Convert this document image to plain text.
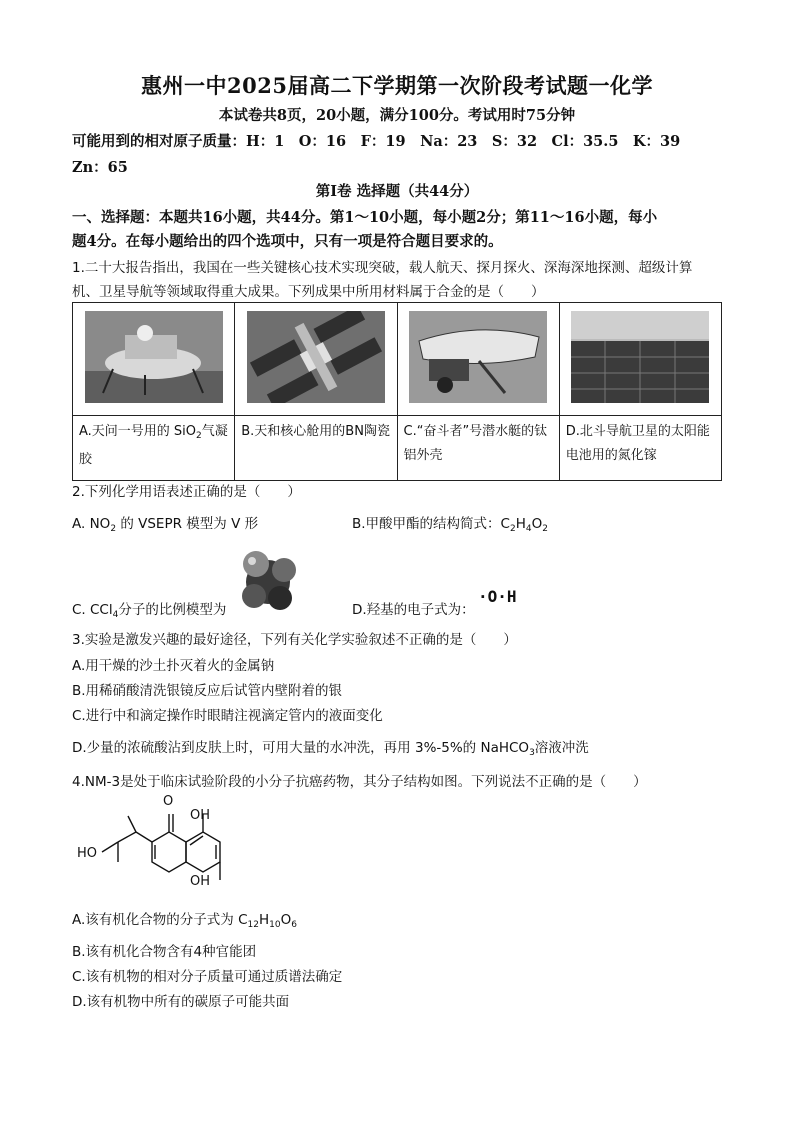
惠州一中2025届高二下学期第一次阶段考试题一化学
本试卷共8页，20小题，满分100分。考试用时75分钟
可能用到的相对原子质量：H：1　O：16　F：19　Na：23　S：32　Cl：35.5　K：39
Zn：65
第Ⅰ卷 选择题（共44分）
一、选择题：本题共16小题，共44分。第1～10小题，每小题2分；第11～16小题，每小
题4分。在每小题给出的四个选项中，只有一项是符合题目要求的。
1.二十大报告指出，我国在一些关键核心技术实现突破，载人航天、探月探火、深海深地探测、超级计算
机、卫星导航等领域取得重大成果。下列成果中所用材料属于合金的是（　　）

A.天问一号用的 SiO$_2$气凝胶	B.天和核心舱用的BN陶瓷	C.“奋斗者”号潜水艇的钛铝外壳	D.北斗导航卫星的太阳能电池用的氮化镓
2.下列化学用语表述正确的是（　　）
A. $NO_2$ 的 VSEPR 模型为 V 形	B.甲酸甲酯的结构简式：$C_2H_4O_2$
C. CCl$_4$分子的比例模型为	D.羟基的电子式为：
·O·H
3.实验是激发兴趣的最好途径，下列有关化学实验叙述不正确的是（　　）
A.用干燥的沙土扑灭着火的金属钠
B.用稀硝酸清洗银镜反应后试管内壁附着的银
C.进行中和滴定操作时眼睛注视滴定管内的液面变化
D.少量的浓硫酸沾到皮肤上时，可用大量的水冲洗，再用 3%-5%的 NaHCO$_3$溶液冲洗
4.NM-3是处于临床试验阶段的小分子抗癌药物，其分子结构如图。下列说法不正确的是（　　）
O
OH
HO
OH
A.该有机化合物的分子式为 $C_{12}H_{10}O_6$
B.该有机化合物含有4种官能团
C.该有机物的相对分子质量可通过质谱法确定
D.该有机物中所有的碳原子可能共面
